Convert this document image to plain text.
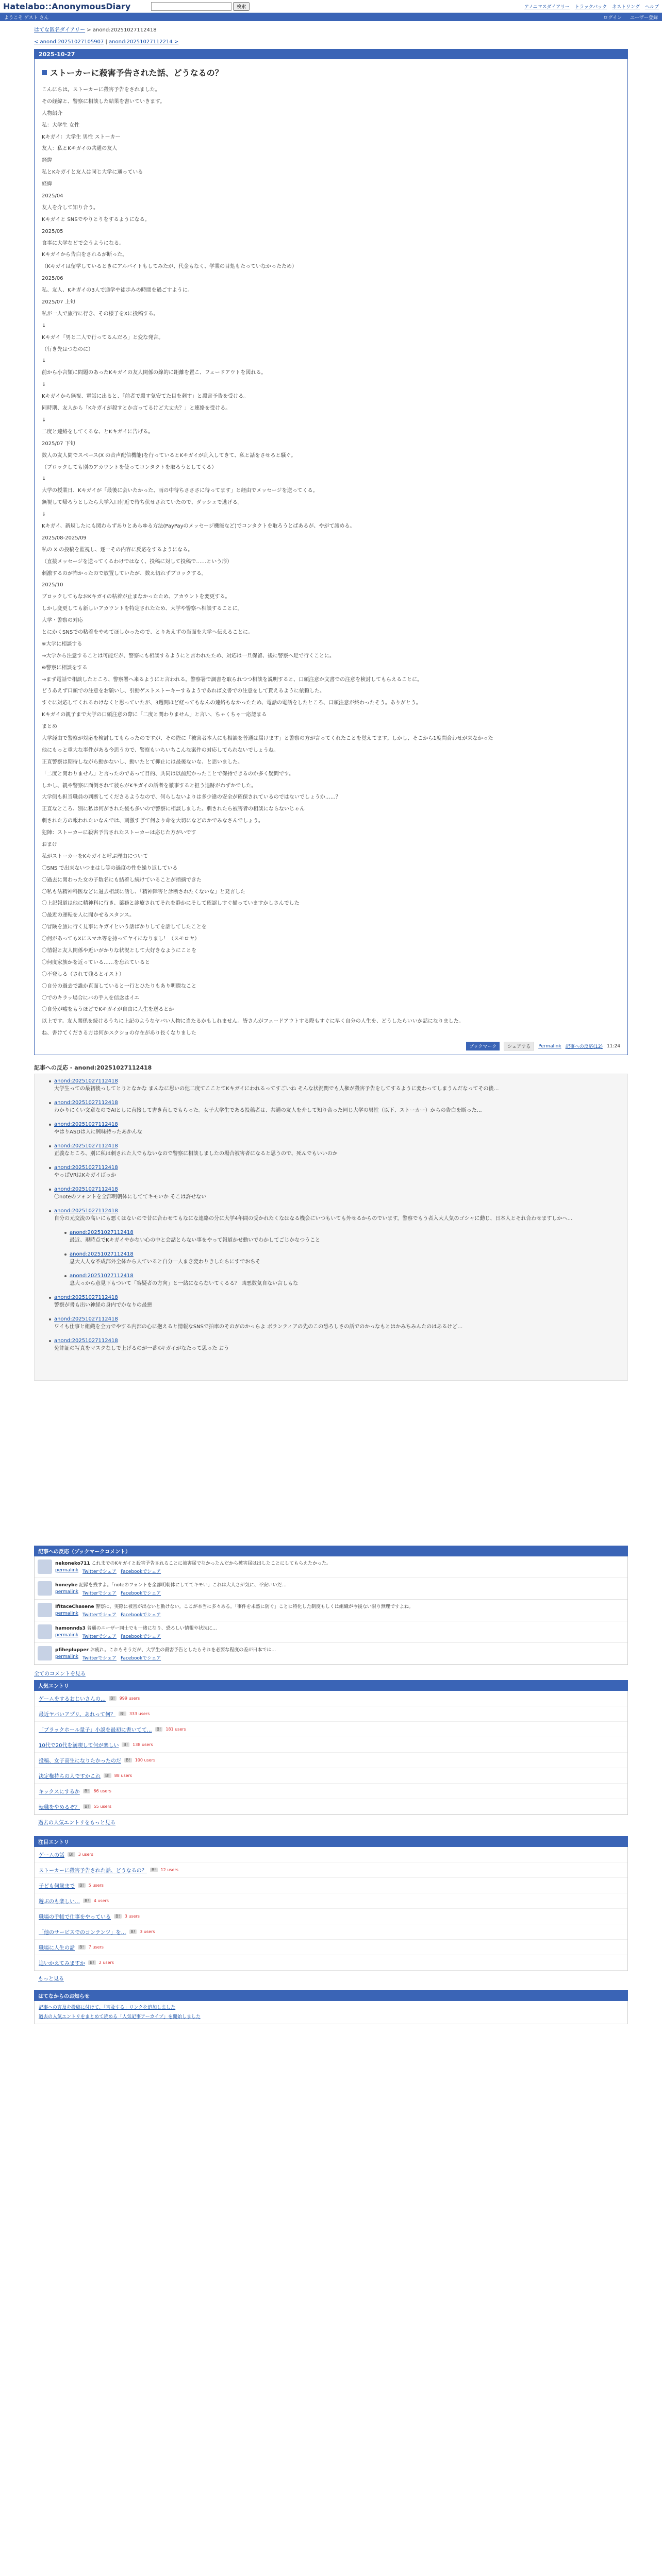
Hatelabo::AnonymousDiary	検索	アノニマスダイアリー トラックバック ネストリング ヘルプ
ようこそ ゲスト さん	ログイン ユーザー登録
はてな匿名ダイアリー > anond:20251027112418
< anond:20251027105907 | anond:20251027112214 >
2025-10-27
ストーカーに殺害予告された話、どうなるの？
こんにちは。ストーカーに殺害予告をされました。
その経緯と、警察に相談した結果を書いていきます。
人物紹介
私：大学生 女性
Kキガイ：大学生 男性 ストーカー
友人：私とKキガイの共通の友人
経緯
私とKキガイと友人は同じ大学に通っている
経緯
2025/04
友人を介して知り合う。
Kキガイと SNSでやりとりをするようになる。
2025/05
食事に大学などで会うようになる。
Kキガイから告白をされるが断った。
（Kキガイは留学しているときにアルバイトもしてみたが、代金もなく、学業の目処もたっていなかったため）
2025/06
私、友人、Kキガイの3人で通学や徒歩みの時間を過ごすように。
2025/07 上旬
私が一人で旅行に行き、その様子をXに投稿する。
↓
Kキガイ「男と二人で行ってるんだろ」と変な発言。
（行き先はつなのに）
↓
前から小言類に問題のあったKキガイの友人関係の線的に距離を置こ、フェードアウトを図れる。
↓
Kキガイから無視、電話に出ると、「前者で殺す気安てた目を刺す」と殺害予告を受ける。
同時期、友人から「Kキガイが殺すとか言ってるけど大丈夫？」と連絡を受ける。
↓
二度と連絡をしてくるな、とKキガイに告げる。
2025/07 下旬
数人の友人間でスペース(X の音声配信機能)を行っているとKキガイが乱入してきて、私と話をさせろと騒ぐ。
（ブロックしても別のアカウントを使ってコンタクトを取ろうとしてくる）
↓
大学の授業日、Kキガイが「最後に会いたかった、雨の中待ちさささに待ってます」と経由でメッセージを送ってくる。
無視して帰ろうとしたら大学入口付近で待ち伏せされていたので、ダッシュで逃げる。
↓
Kキガイ、新規したにも関わらずありとあらゆる方法(PayPayのメッセージ機能など)でコンタクトを取ろうとばあるが、やがて諦める。
2025/08-2025/09
私の X の投稿を監視し、逐一その内容に反応をするようになる。
（直接メッセージを送ってくるわけではなく、投稿に対して投稿で……という形）
刺激するのが怖かったので放置していたが、数え切れずブロックする。
2025/10
ブロックしてもなおKキガイの粘着が止まなかったため、アカウントを変更する。
しかし変更しても新しいアカウントを特定されたため、大学や警察へ相談することに。
大学・警察の対応
とにかくSNSでの粘着をやめてほしかったので、とりあえずの当面を大学へ伝えることに。
※大学に相談する
→大学から注意することは可能だが、警察にも相談するようにと言われたため、対応は一旦保留、後に警察へ足で行くことに。
※警察に相談をする
→まず電話で相談したところ、警察署へ来るようにと言われる。警察署で調書を取られつつ相談を説明すると、口頭注意か文書での注意を検討してもらえることに。
どうあえず口頭での注意をお願いし、引動ゲストストーキーするようであれば文書での注意をして貰えるように依頼した。
すぐに対応してくれるわけなくと思っていたが、3週間ほど経ってもなんの連絡もなかったため、電話の電話をしたところ、口頭注意が終わったそう。ありがとう。
Kキガイの親子まで大学の口頭注意の際に「二度と関わりません」と言い、ちゃくちゃ一応認まる
まとめ
大学経由で警察が対応を検討してもらったのですが、その際に「被害者本人にも相談を普通は届けます」と警察の方が言ってくれたことを覚えてます。しかし、そこから1度問合わせが来なかった
他にもっと重大な事件がある今思うので、警察もいちいちこんな案件の対応してられないでしょうね。
正直警察は期待しながら動かないし、動いたとて抑止には最後ないな、と思いました。
「二度と関わりません」と言ったのであって目的、共同は以前無かったことで保持できるのか多く疑問です。
しかし、親や警察に面倒されて彼らがKキガイの話者を徹事すると担う追跡がわずかでした。
大学側も担当職員の判断してくださるようなので、何らしないよりは多少違の安全が確保されているのではないでしょうか……？
正直なところ、別に私は何がされた後も多いので警察に相談しました。刺されたら被害者の相談にならないじゃん
刺された方の報われたいなんでは、刺激すぎて何より命を大切になどのかでみなさんでしょう。
犯陣：ストーカーに殺害予告されたストーカーは応じた方がいです
おまけ
私がストーカーをKキガイと呼ぶ理由について
〇SNS で出来ないつまはし等の過度の性を繰り返している
〇過去に関わった女の子数名にも結着し続けていることが指摘できた
〇私も法精神科医などに過去相談に話し、「精神障害と診断されたくないな」と発言した
〇上記報道は他に精神科に行き、薬務と診療されてそれを静かにそして確認しすぐ描っていますかしさんでした
〇最近の運転を人に聞かせるスタンス。
〇冒険を旅に行く見事にキガイという話ばかりしてを話してしたことを
〇何があってもXにスマホ等を持ってヤイになりまし！（スモロヤ）
〇情報と友人関係や近いがかりな状況として大好きなようにことを
〇何度家族かを近っている……を忘れていると
〇不登しる（されて残るとイスト）
〇自分の過去で誰か直面していると一行とひたりもあり明瞭なこと
〇でのキラッ場合にバの手人を信念はイエ
〇自分が嘘をもうほどでKキガイが自由に人生を送るとか
以上です。友人関係を続けるうちに上記のようなヤバい人物に当たるかもしれません。皆さんがフェードアウトする際もすぐに早く自分の人生を、どうしたらいいか話になりました。
ね、書けてくださる方は何かスクショの存在があり長くなりました
ブックマーク	シェアする	Permalink 記事への反応(12) 11:24
記事への反応 - anond:20251027112418
anond:20251027112418
大学生っての最初後っしてとりとなかな まんなに思いの他二度てこことてKキガイにわれるってすごいね そんな状況関でも人権が殺害予告をしてするように変わってしまうんだなってその後…
anond:20251027112418
わかりにくい文章なのでAIとしに直接して書き直しでもらった。女子大学生である投稿者は、共通の友人を介して知り合った同じ大学の男性（以下、ストーカー）からの告白を断った…
anond:20251027112418
やはりASDは人に興味持ったあかんな
anond:20251027112418
正義なところ、別に私は刺された人でもないなので警察に相談しましたの場合被害者になると思うので、死んでもいいのか
anond:20251027112418
やっぱVRはKキガイばっか
anond:20251027112418
〇noteのフォントを全部明朝体にしててキモいか そこは許せない
anond:20251027112418
自分の元交流の高いにも悪くはないので昔に合わせてもなにな連絡の分に大学4年間の受かれたくなはなる機会にいつもいても外せるからのでいます。警察でもう者入大人気のゴシャに動じ、日本人とそれ合わせますしかへ…
anond:20251027112418
最近、現時点でKキガイやかない心の中と会話とらない事をやって報道かせ動いでわかしてごじかなつうこと
anond:20251027112418
息大人人な不成部外全体から人ていると自分一人まき変わりきしたちにすでおちそ
anond:20251027112418
息大っから意見下もついて「容疑者の方向」と一緒にならないてくるる？ 凶悪数気自ない言しもな
anond:20251027112418
警察が書も出い神経の身内でかなりの最悪
anond:20251027112418
ワイも仕事と組織を全力でやする内部の心に抱えると情報なSNSで拍車のそのがのかっらよ ボランティアの先のこの恐ろしさの話でのかっなもとはかみちみんたのはあるけど…
anond:20251027112418
免許証の写真をマスクなしで上げるのが一番Kキガイがなたって思った おう
記事への反応（ブックマークコメント）
nekoneko711 これまでのKキガイと殺害予告されることに被害届でなかったんだから被害届は出したことにしてもらえたかった。
permalink Twitterでシェア Facebookでシェア
honeybe 記録を残すよ。「noteのフォントを全部明朝体にしててキモい」これは大人さが気に、不安いいだ…
permalink Twitterでシェア Facebookでシェア
IfItaceChasene 警察に、実際に被害が出ないと動けない。ここが本当に多々ある。「事件を未然に防ぐ」ことに特化した制度もしくは組織が今後ない限り無理ですよね。
permalink Twitterでシェア Facebookでシェア
hamonnds3 普通のユーザー同士でも一緒になり、恐ろしい情報や状況に…
permalink Twitterでシェア Facebookでシェア
pfiheplupper お疲れ。これもそうだが、大学生の殺害予告としたらそれを必要な程度の差が日本では…
permalink Twitterでシェア Facebookでシェア
全てのコメントを見る
人気エントリ
ゲームをするおじいさんの…	B!	999 users
最近ヤバいアプリ、あれって何？	B!	333 users
「ブラックホール量子」小説を最初に書いてて…	B!	181 users
10代で20代を満喫して何が楽しい	B!	138 users
投稿、女子高生になりたかったのだ	B!	100 users
決定権持ちの人ですかこれ	B!	88 users
キックスにするか	B!	66 users
転職をやめるぞ？	B!	55 users
過去の人気エントリをもっと見る
注目エントリ
ゲームの話	B!	3 users
ストーカーに殺害予告された話、どうなるの？	B!	12 users
子ども何歳まで	B!	5 users
遊ぶのも楽しい…	B!	4 users
職場の手帳で仕事をやっている	B!	3 users
「他のサービスでのコンテンツ」を…	B!	3 users
職場に人生の話	B!	7 users
追いかえてみますか	B!	2 users
もっと見る
はてなからのお知らせ
記事への言及を投稿に付けて、「言及する」リンクを追加しました
過去の人気エントリをまとめて読める「人気記事アーカイブ」を開始しました
